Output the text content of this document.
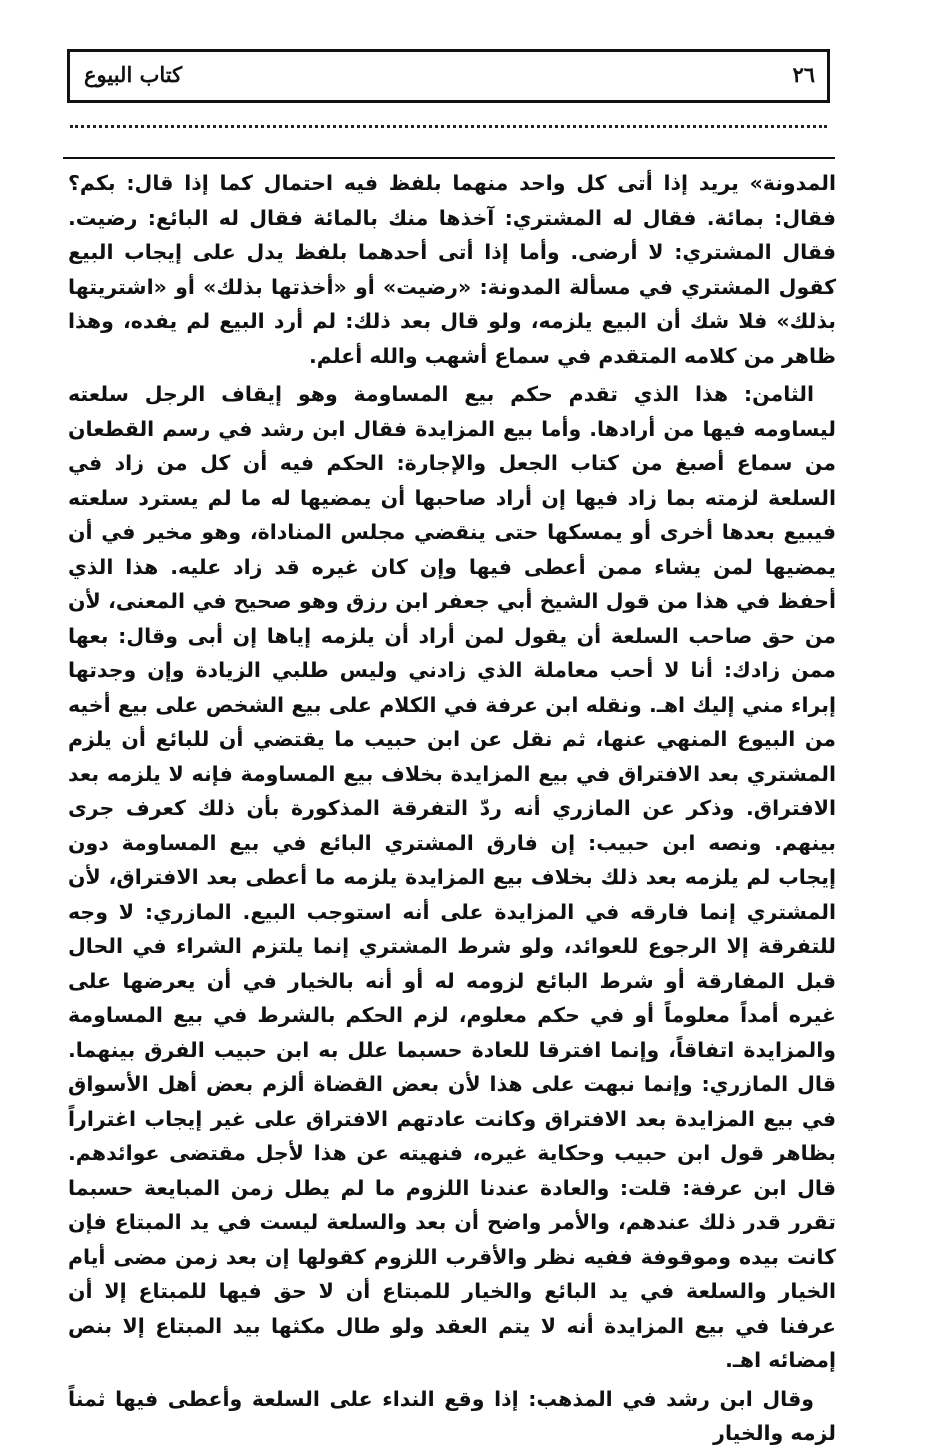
كتاب البيوع	٢٦

المدونة» يريد إذا أتى كل واحد منهما بلفظ فيه احتمال كما إذا قال: بكم؟ فقال: بمائة. فقال له المشتري: آخذها منك بالمائة فقال له البائع: رضيت. فقال المشتري: لا أرضى. وأما إذا أتى أحدهما بلفظ يدل على إيجاب البيع كقول المشتري في مسألة المدونة: «رضيت» أو «أخذتها بذلك» أو «اشتريتها بذلك» فلا شك أن البيع يلزمه، ولو قال بعد ذلك: لم أرد البيع لم يفده، وهذا ظاهر من كلامه المتقدم في سماع أشهب والله أعلم.

الثامن: هذا الذي تقدم حكم بيع المساومة وهو إيقاف الرجل سلعته ليساومه فيها من أرادها. وأما بيع المزايدة فقال ابن رشد في رسم القطعان من سماع أصبغ من كتاب الجعل والإجارة: الحكم فيه أن كل من زاد في السلعة لزمته بما زاد فيها إن أراد صاحبها أن يمضيها له ما لم يسترد سلعته فيبيع بعدها أخرى أو يمسكها حتى ينقضي مجلس المناداة، وهو مخير في أن يمضيها لمن يشاء ممن أعطى فيها وإن كان غيره قد زاد عليه. هذا الذي أحفظ في هذا من قول الشيخ أبي جعفر ابن رزق وهو صحيح في المعنى، لأن من حق صاحب السلعة أن يقول لمن أراد أن يلزمه إياها إن أبى وقال: بعها ممن زادك: أنا لا أحب معاملة الذي زادني وليس طلبي الزيادة وإن وجدتها إبراء مني إليك اهـ. ونقله ابن عرفة في الكلام على بيع الشخص على بيع أخيه من البيوع المنهي عنها، ثم نقل عن ابن حبيب ما يقتضي أن للبائع أن يلزم المشتري بعد الافتراق في بيع المزايدة بخلاف بيع المساومة فإنه لا يلزمه بعد الافتراق. وذكر عن المازري أنه ردّ التفرقة المذكورة بأن ذلك كعرف جرى بينهم. ونصه ابن حبيب: إن فارق المشتري البائع في بيع المساومة دون إيجاب لم يلزمه بعد ذلك بخلاف بيع المزايدة يلزمه ما أعطى بعد الافتراق، لأن المشتري إنما فارقه في المزايدة على أنه استوجب البيع. المازري: لا وجه للتفرقة إلا الرجوع للعوائد، ولو شرط المشتري إنما يلتزم الشراء في الحال قبل المفارقة أو شرط البائع لزومه له أو أنه بالخيار في أن يعرضها على غيره أمداً معلوماً أو في حكم معلوم، لزم الحكم بالشرط في بيع المساومة والمزايدة اتفاقاً، وإنما افترقا للعادة حسبما علل به ابن حبيب الفرق بينهما. قال المازري: وإنما نبهت على هذا لأن بعض القضاة ألزم بعض أهل الأسواق في بيع المزايدة بعد الافتراق وكانت عادتهم الافتراق على غير إيجاب اغتراراً بظاهر قول ابن حبيب وحكاية غيره، فنهيته عن هذا لأجل مقتضى عوائدهم. قال ابن عرفة: قلت: والعادة عندنا اللزوم ما لم يطل زمن المبايعة حسبما تقرر قدر ذلك عندهم، والأمر واضح أن بعد والسلعة ليست في يد المبتاع فإن كانت بيده وموقوفة ففيه نظر والأقرب اللزوم كقولها إن بعد زمن مضى أيام الخيار والسلعة في يد البائع والخيار للمبتاع أن لا حق فيها للمبتاع إلا أن عرفنا في بيع المزايدة أنه لا يتم العقد ولو طال مكثها بيد المبتاع إلا بنص إمضائه اهـ.

وقال ابن رشد في المذهب: إذا وقع النداء على السلعة وأعطى فيها ثمناً لزمه والخيار
